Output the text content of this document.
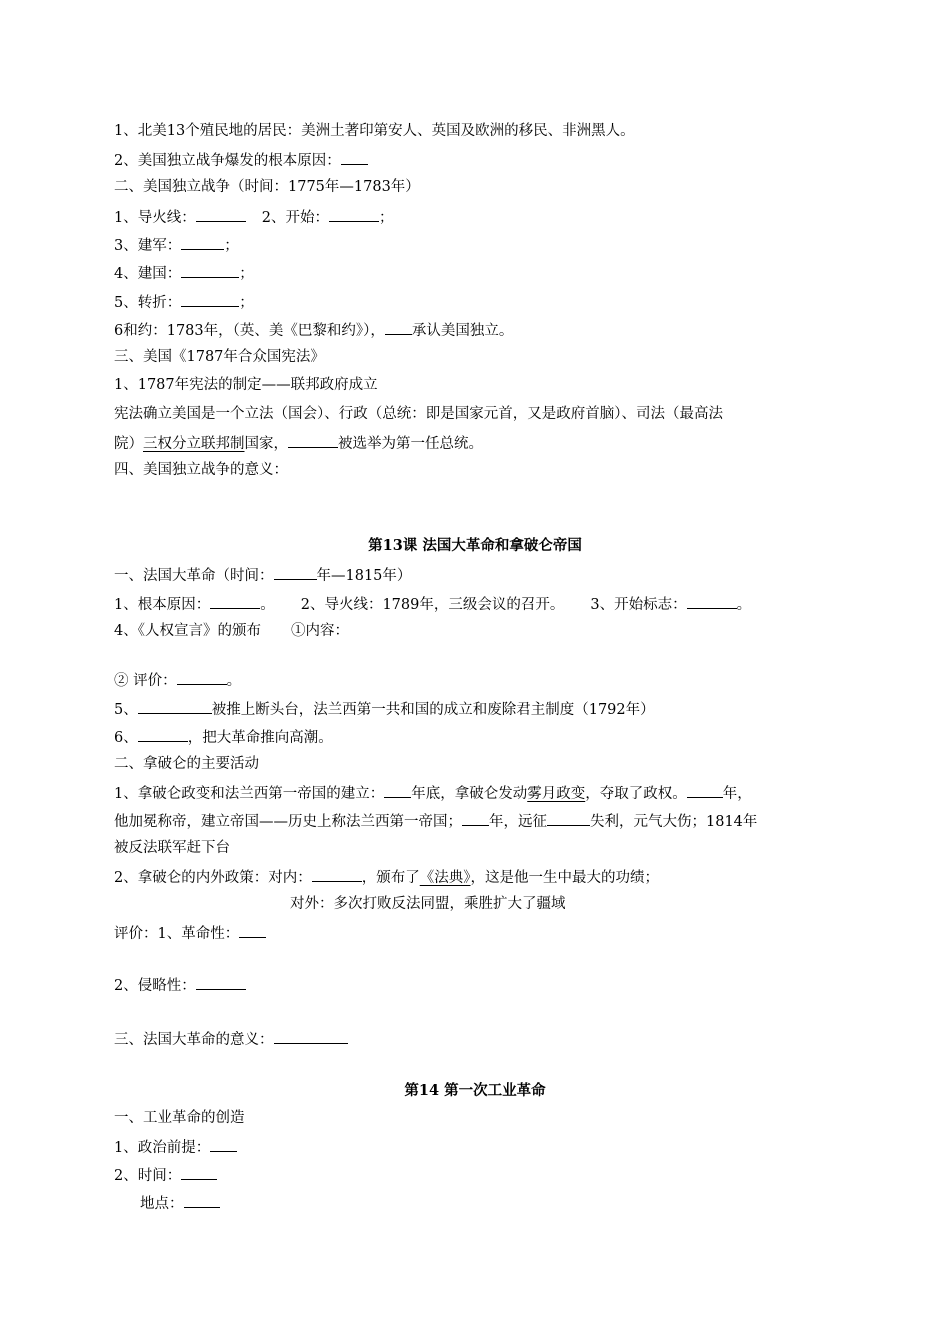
1、北美13个殖民地的居民：美洲土著印第安人、英国及欧洲的移民、非洲黑人。
2、美国独立战争爆发的根本原因：
二、美国独立战争（时间：1775年—1783年）
1、导火线：	2、开始：	；
3、建军：	；
4、建国：	；
5、转折：	；
6和约：1783年，（英、美《巴黎和约》）， 承认美国独立。
三、美国《1787年合众国宪法》
1、1787年宪法的制定——联邦政府成立
宪法确立美国是一个立法（国会）、行政（总统：即是国家元首，又是政府首脑）、司法（最高法
院）三权分立联邦制国家，	被选举为第一任总统。
四、美国独立战争的意义：
第13课 法国大革命和拿破仑帝国
一、法国大革命（时间：	年—1815年）
1、根本原因：	。 2、导火线：1789年，三级会议的召开。 3、开始标志：	。
4、《人权宣言》的颁布 ①内容：
② 评价：	。
5、	被推上断头台，法兰西第一共和国的成立和废除君主制度（1792年）
6、	，把大革命推向高潮。
二、拿破仑的主要活动
1、拿破仑政变和法兰西第一帝国的建立： 年底，拿破仑发动雾月政变，夺取了政权。 年，
他加冕称帝，建立帝国——历史上称法兰西第一帝国； 年，远征	失利，元气大伤；1814年
被反法联军赶下台
2、拿破仑的内外政策：对内：	，颁布了《法典》，这是他一生中最大的功绩；
对外：多次打败反法同盟，乘胜扩大了疆域
评价：1、革命性：
2、侵略性：
三、法国大革命的意义：
第14 第一次工业革命
一、工业革命的创造
1、政治前提：
2、时间：
地点：
